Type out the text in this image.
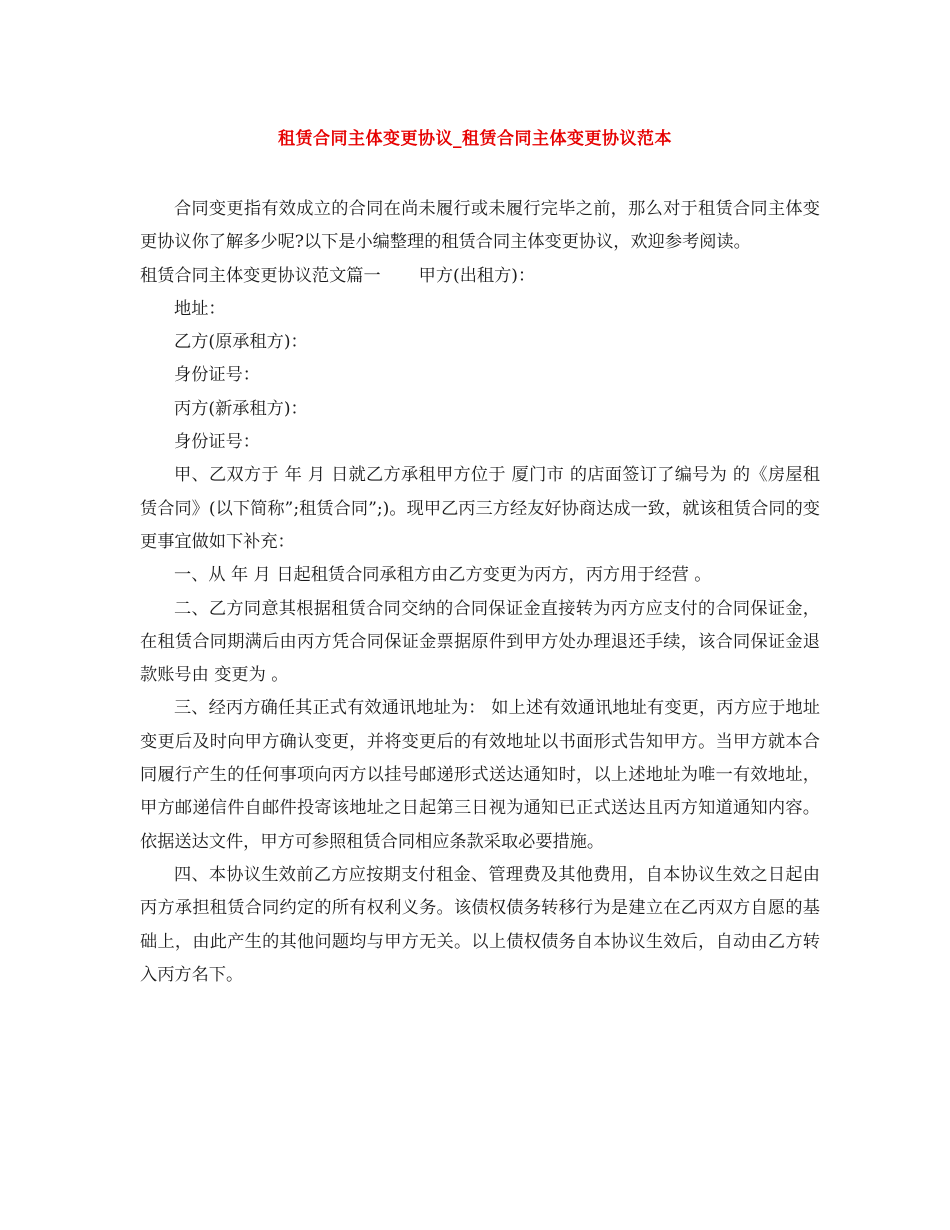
租赁合同主体变更协议_租赁合同主体变更协议范本

合同变更指有效成立的合同在尚未履行或未履行完毕之前，那么对于租赁合同主体变更协议你了解多少呢?以下是小编整理的租赁合同主体变更协议，欢迎参考阅读。

租赁合同主体变更协议范文篇一 甲方(出租方)：

地址：

乙方(原承租方)：

身份证号：

丙方(新承租方)：

身份证号：

甲、乙双方于 年 月 日就乙方承租甲方位于 厦门市 的店面签订了编号为 的《房屋租赁合同》(以下简称”;租赁合同”;)。现甲乙丙三方经友好协商达成一致，就该租赁合同的变更事宜做如下补充：

一、从 年 月 日起租赁合同承租方由乙方变更为丙方，丙方用于经营 。

二、乙方同意其根据租赁合同交纳的合同保证金直接转为丙方应支付的合同保证金，在租赁合同期满后由丙方凭合同保证金票据原件到甲方处办理退还手续，该合同保证金退款账号由 变更为 。

三、经丙方确任其正式有效通讯地址为： 如上述有效通讯地址有变更，丙方应于地址变更后及时向甲方确认变更，并将变更后的有效地址以书面形式告知甲方。当甲方就本合同履行产生的任何事项向丙方以挂号邮递形式送达通知时，以上述地址为唯一有效地址，甲方邮递信件自邮件投寄该地址之日起第三日视为通知已正式送达且丙方知道通知内容。依据送达文件，甲方可参照租赁合同相应条款采取必要措施。

四、本协议生效前乙方应按期支付租金、管理费及其他费用，自本协议生效之日起由丙方承担租赁合同约定的所有权利义务。该债权债务转移行为是建立在乙丙双方自愿的基础上，由此产生的其他问题均与甲方无关。以上债权债务自本协议生效后，自动由乙方转入丙方名下。
